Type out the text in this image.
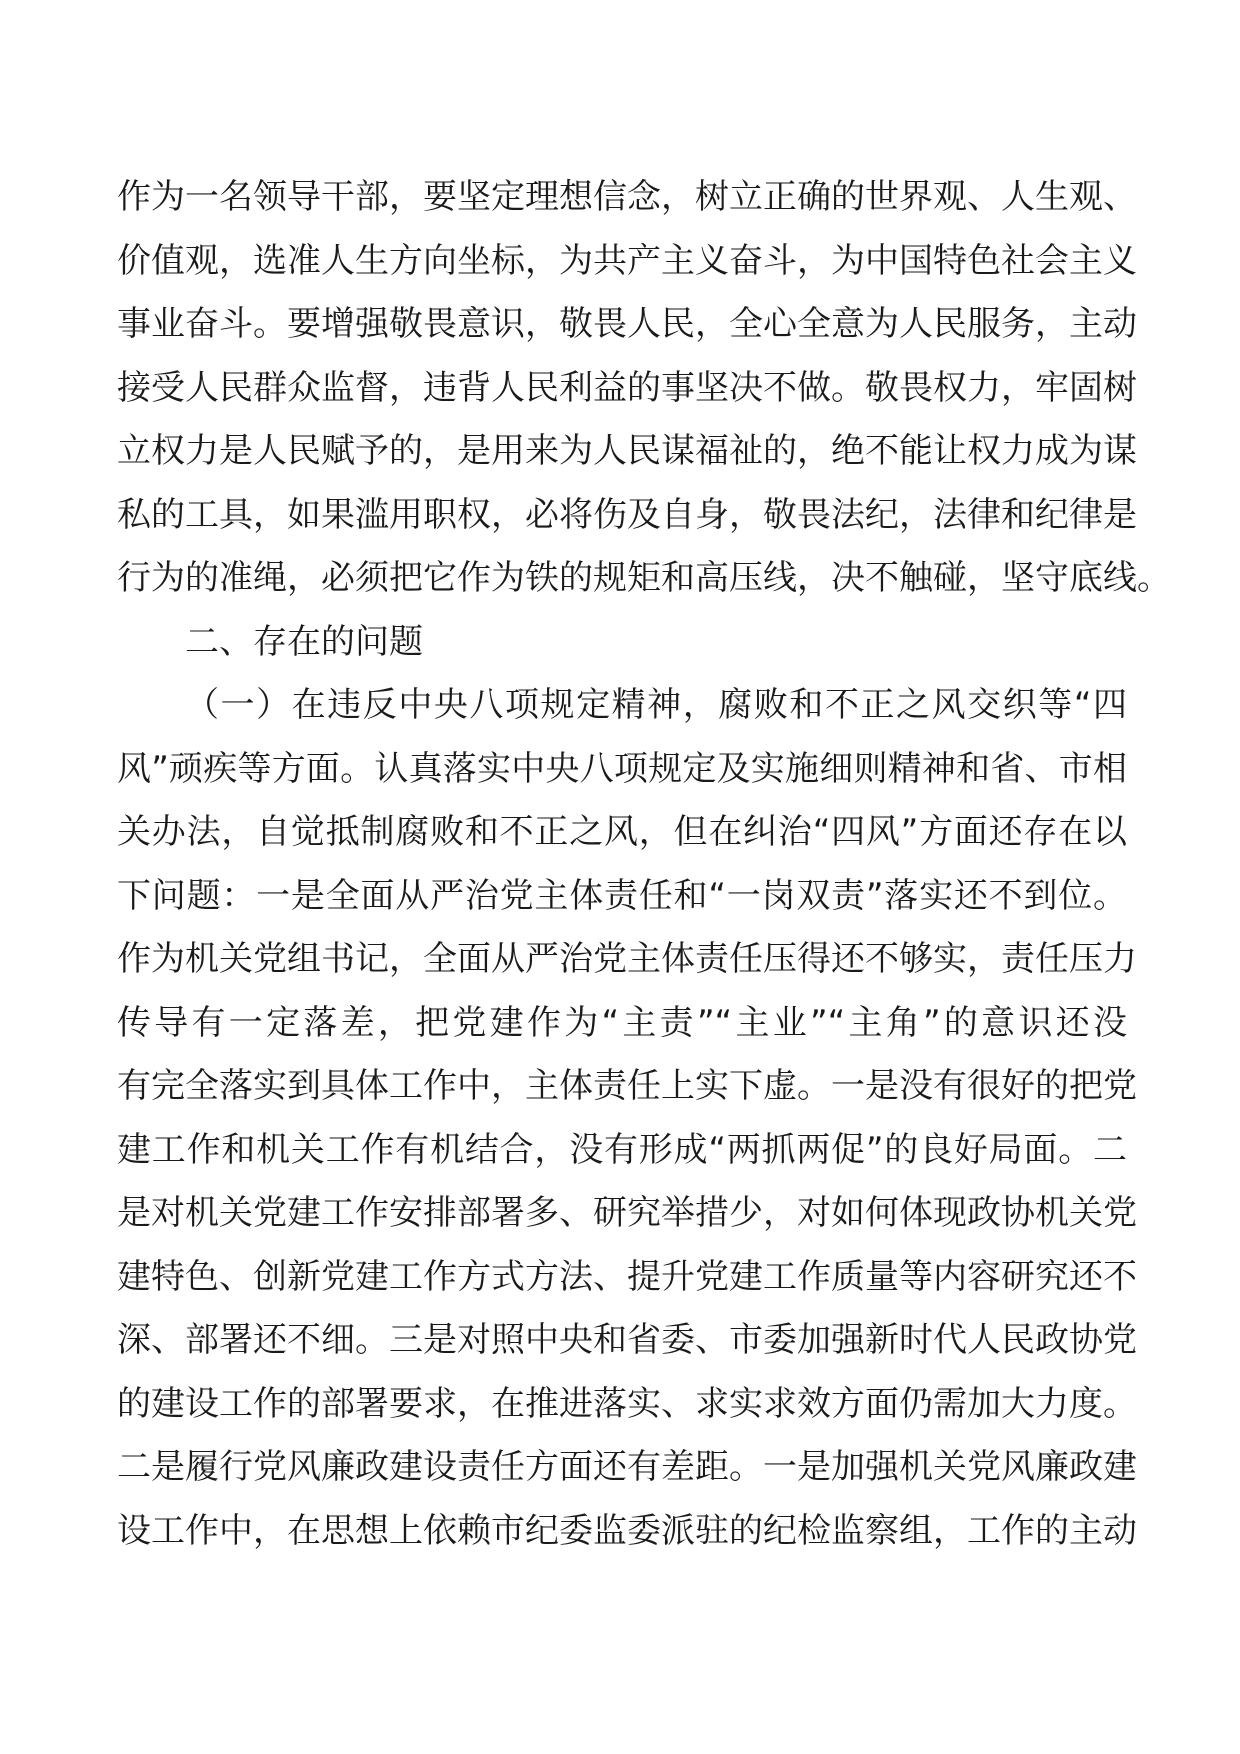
作为一名领导干部，要坚定理想信念，树立正确的世界观、人生观、
价值观，选准人生方向坐标，为共产主义奋斗，为中国特色社会主义
事业奋斗。要增强敬畏意识，敬畏人民，全心全意为人民服务，主动
接受人民群众监督，违背人民利益的事坚决不做。敬畏权力，牢固树
立权力是人民赋予的，是用来为人民谋福祉的，绝不能让权力成为谋
私的工具，如果滥用职权，必将伤及自身，敬畏法纪，法律和纪律是
行为的准绳，必须把它作为铁的规矩和高压线，决不触碰，坚守底线。
二、存在的问题
（一）在违反中央八项规定精神，腐败和不正之风交织等“四
风”顽疾等方面。认真落实中央八项规定及实施细则精神和省、市相
关办法，自觉抵制腐败和不正之风，但在纠治“四风”方面还存在以
下问题：一是全面从严治党主体责任和“一岗双责”落实还不到位。
作为机关党组书记，全面从严治党主体责任压得还不够实，责任压力
传导有一定落差，把党建作为“主责”“主业”“主角”的意识还没
有完全落实到具体工作中，主体责任上实下虚。一是没有很好的把党
建工作和机关工作有机结合，没有形成“两抓两促”的良好局面。二
是对机关党建工作安排部署多、研究举措少，对如何体现政协机关党
建特色、创新党建工作方式方法、提升党建工作质量等内容研究还不
深、部署还不细。三是对照中央和省委、市委加强新时代人民政协党
的建设工作的部署要求，在推进落实、求实求效方面仍需加大力度。
二是履行党风廉政建设责任方面还有差距。一是加强机关党风廉政建
设工作中，在思想上依赖市纪委监委派驻的纪检监察组，工作的主动
